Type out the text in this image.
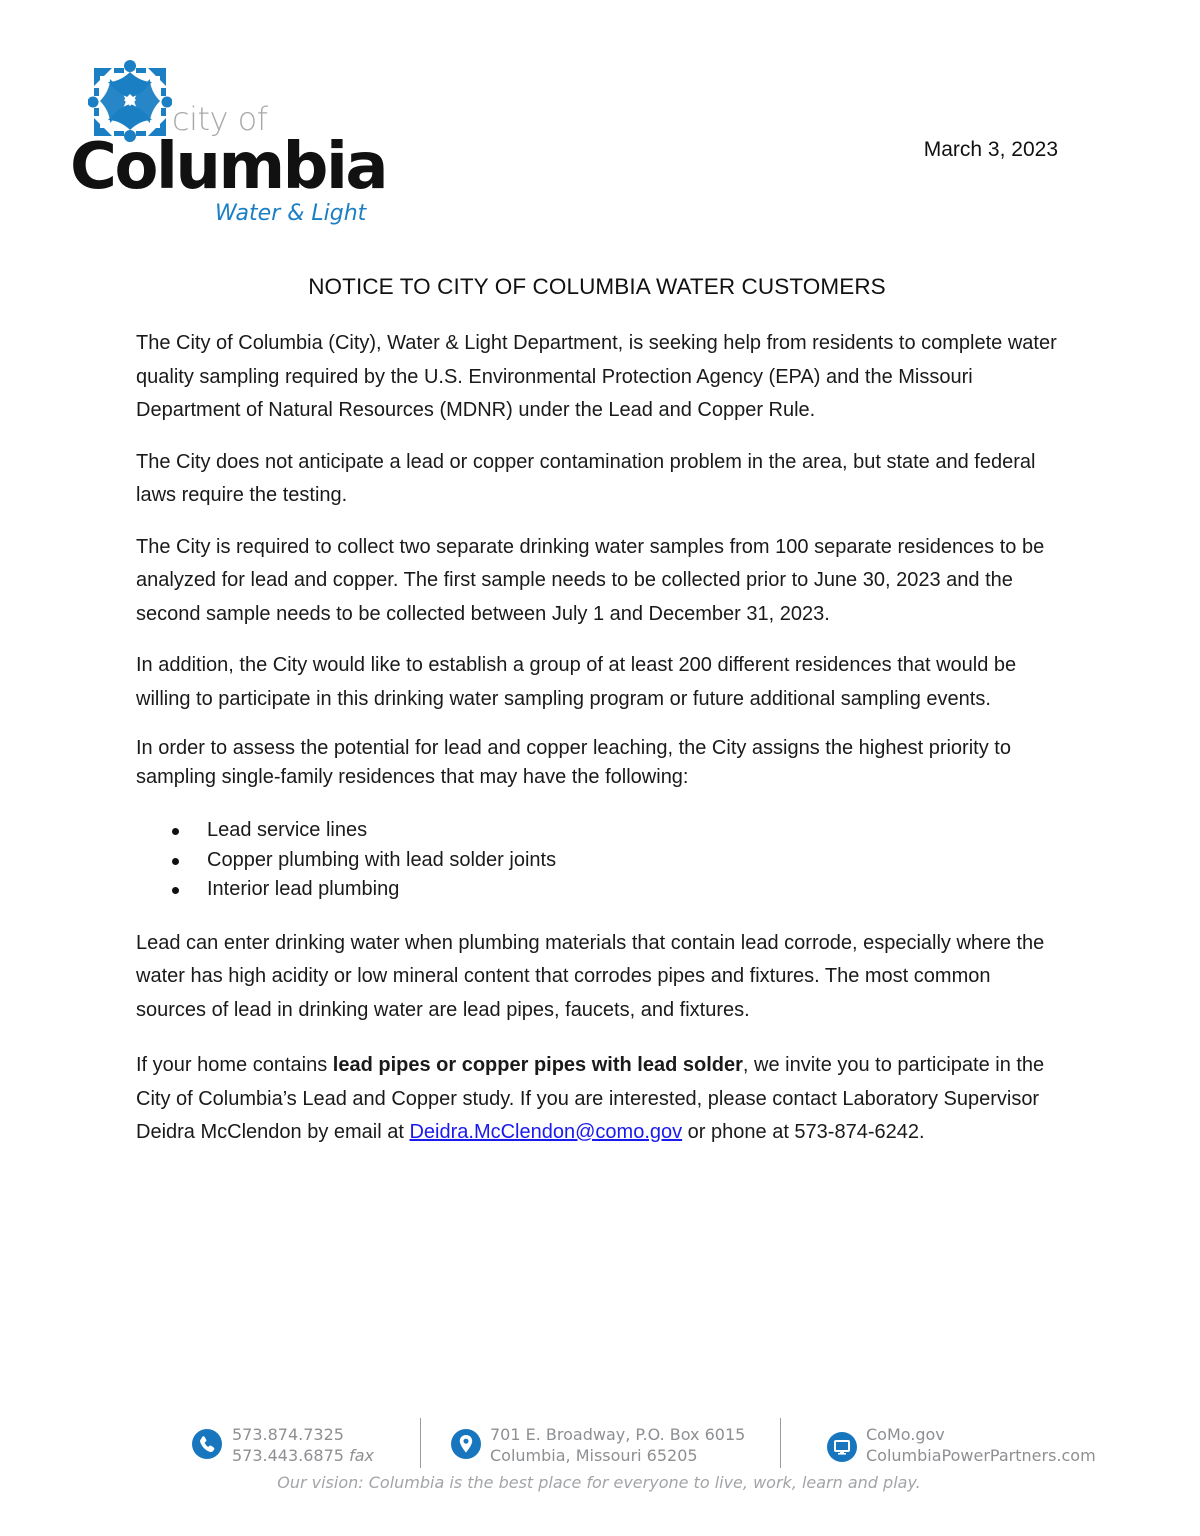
city of
Columbia
Water & Light
March 3, 2023
NOTICE TO CITY OF COLUMBIA WATER CUSTOMERS

The City of Columbia (City), Water & Light Department, is seeking help from residents to complete water quality sampling required by the U.S. Environmental Protection Agency (EPA) and the Missouri Department of Natural Resources (MDNR) under the Lead and Copper Rule.

The City does not anticipate a lead or copper contamination problem in the area, but state and federal laws require the testing.

The City is required to collect two separate drinking water samples from 100 separate residences to be analyzed for lead and copper. The first sample needs to be collected prior to June 30, 2023 and the second sample needs to be collected between July 1 and December 31, 2023.

In addition, the City would like to establish a group of at least 200 different residences that would be willing to participate in this drinking water sampling program or future additional sampling events.

In order to assess the potential for lead and copper leaching, the City assigns the highest priority to sampling single-family residences that may have the following:

Lead service lines
Copper plumbing with lead solder joints
Interior lead plumbing

Lead can enter drinking water when plumbing materials that contain lead corrode, especially where the water has high acidity or low mineral content that corrodes pipes and fixtures. The most common sources of lead in drinking water are lead pipes, faucets, and fixtures.

If your home contains lead pipes or copper pipes with lead solder, we invite you to participate in the City of Columbia’s Lead and Copper study. If you are interested, please contact Laboratory Supervisor Deidra McClendon by email at Deidra.McClendon@como.gov or phone at 573-874-6242.

573.874.7325
573.443.6875 fax
701 E. Broadway, P.O. Box 6015
Columbia, Missouri 65205
CoMo.gov
ColumbiaPowerPartners.com
Our vision: Columbia is the best place for everyone to live, work, learn and play.
